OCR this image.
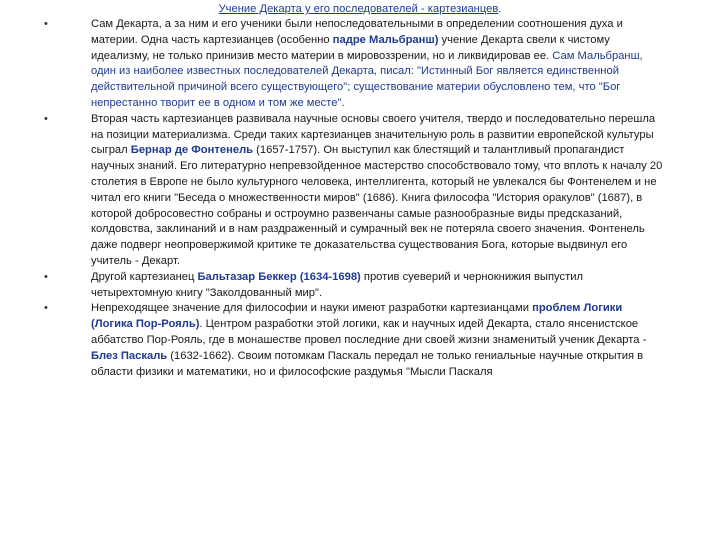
Учение Декарта у его последователей - картезианцев.
•	Сам Декарта, а за ним и его ученики были непоследовательными в определении соотношения духа и материи. Одна часть картезианцев (особенно падре Мальбранш) учение Декарта свели к чистому идеализму, не только принизив место материи в мировоззрении, но и ликвидировав ее. Сам Мальбранш, один из наиболее известных последователей Декарта, писал: "Истинный Бог является единственной действительной причиной всего существующего"; существование материи обусловлено тем, что "Бог непрестанно творит ее в одном и том же месте".
•	Вторая часть картезианцев развивала научные основы своего учителя, твердо и последовательно перешла на позиции материализма. Среди таких картезианцев значительную роль в развитии европейской культуры сыграл Бернар де Фонтенель (1657-1757). Он выступил как блестящий и талантливый пропагандист научных знаний. Его литературно непревзойденное мастерство способствовало тому, что вплоть к началу 20 столетия в Европе не было культурного человека, интеллигента, который не увлекался бы Фонтенелем и не читал его книги "Беседа о множественности миров" (1686). Книга философа "История оракулов" (1687), в которой добросовестно собраны и остроумно развенчаны самые разнообразные виды предсказаний, колдовства, заклинаний и в нам раздраженный и сумрачный век не потеряла своего значения. Фонтенель даже подверг неопровержимой критике те доказательства существования Бога, которые выдвинул его учитель - Декарт.
•	Другой картезианец Бальтазар Беккер (1634-1698) против суеверий и чернокнижия выпустил четырехтомную книгу "Заколдованный мир".
•	Непреходящее значение для философии и науки имеют разработки картезианцами проблем Логики (Логика Пор-Рояль). Центром разработки этой логики, как и научных идей Декарта, стало янсенистское аббатство Пор-Рояль, где в монашестве провел последние дни своей жизни знаменитый ученик Декарта - Блез Паскаль (1632-1662). Своим потомкам Паскаль передал не только гениальные научные открытия в области физики и математики, но и философские раздумья "Мысли Паскаля
